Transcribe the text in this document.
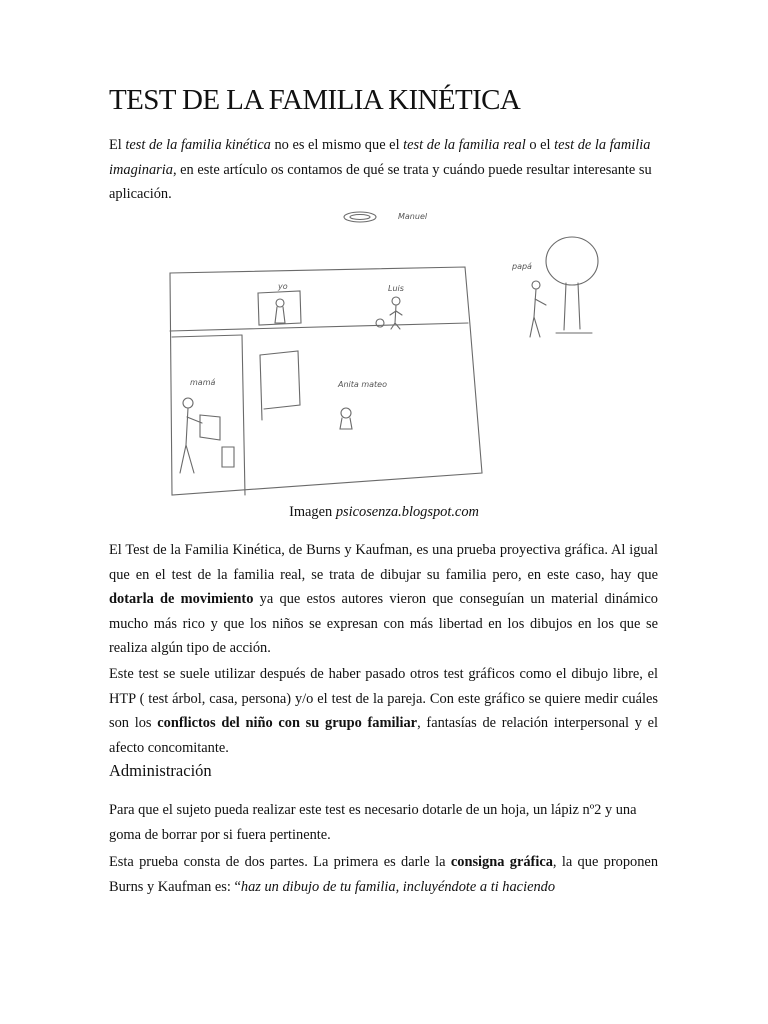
TEST DE LA FAMILIA KINÉTICA

El test de la familia kinética no es el mismo que el test de la familia real o el test de la familia imaginaria, en este artículo os contamos de qué se trata y cuándo puede resultar interesante su aplicación.

Manuel
yo	Luis
mamá	Anita mateo
papá
Imagen psicosenza.blogspot.com

El Test de la Familia Kinética, de Burns y Kaufman, es una prueba proyectiva gráfica. Al igual que en el test de la familia real, se trata de dibujar su familia pero, en este caso, hay que dotarla de movimiento ya que estos autores vieron que conseguían un material dinámico mucho más rico y que los niños se expresan con más libertad en los dibujos en los que se realiza algún tipo de acción.

Este test se suele utilizar después de haber pasado otros test gráficos como el dibujo libre, el HTP ( test árbol, casa, persona) y/o el test de la pareja. Con este gráfico se quiere medir cuáles son los conflictos del niño con su grupo familiar, fantasías de relación interpersonal y el afecto concomitante.

Administración

Para que el sujeto pueda realizar este test es necesario dotarle de un hoja, un lápiz nº2 y una goma de borrar por si fuera pertinente.

Esta prueba consta de dos partes. La primera es darle la consigna gráfica, la que proponen Burns y Kaufman es: “haz un dibujo de tu familia, incluyéndote a ti haciendo
